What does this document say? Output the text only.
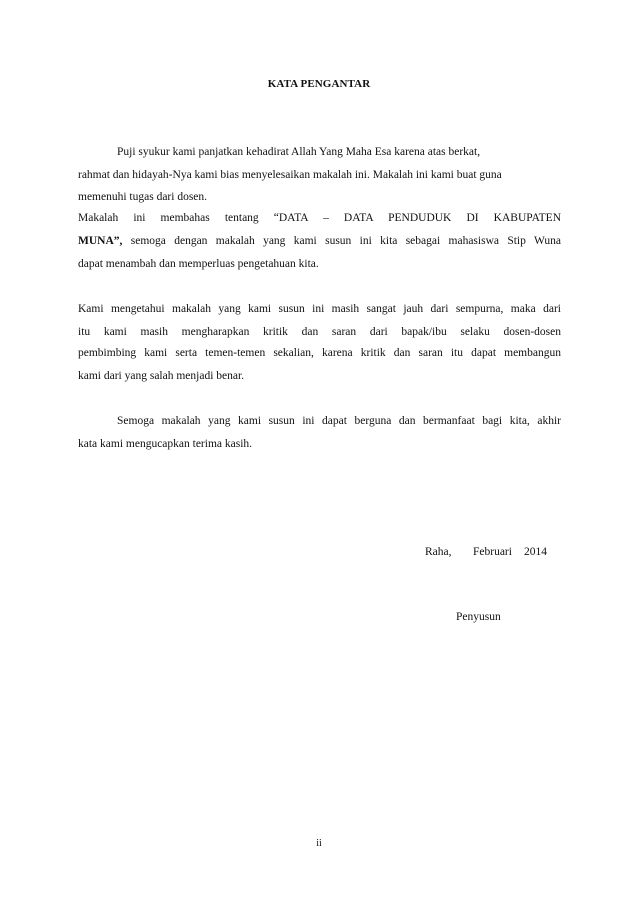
KATA PENGANTAR
Puji syukur kami panjatkan kehadirat Allah Yang Maha Esa karena atas berkat,
rahmat dan hidayah-Nya kami bias menyelesaikan makalah ini. Makalah ini kami buat guna
memenuhi tugas dari dosen.
Makalah ini membahas tentang “DATA – DATA PENDUDUK DI KABUPATEN
MUNA”, semoga dengan makalah yang kami susun ini kita sebagai mahasiswa Stip Wuna
dapat menambah dan memperluas pengetahuan kita.
Kami mengetahui makalah yang kami susun ini masih sangat jauh dari sempurna, maka dari
itu kami masih mengharapkan kritik dan saran dari bapak/ibu selaku dosen-dosen
pembimbing kami serta temen-temen sekalian, karena kritik dan saran itu dapat membangun
kami dari yang salah menjadi benar.
Semoga makalah yang kami susun ini dapat berguna dan bermanfaat bagi kita, akhir
kata kami mengucapkan terima kasih.
Raha, Februari 2014
Penyusun
ii
